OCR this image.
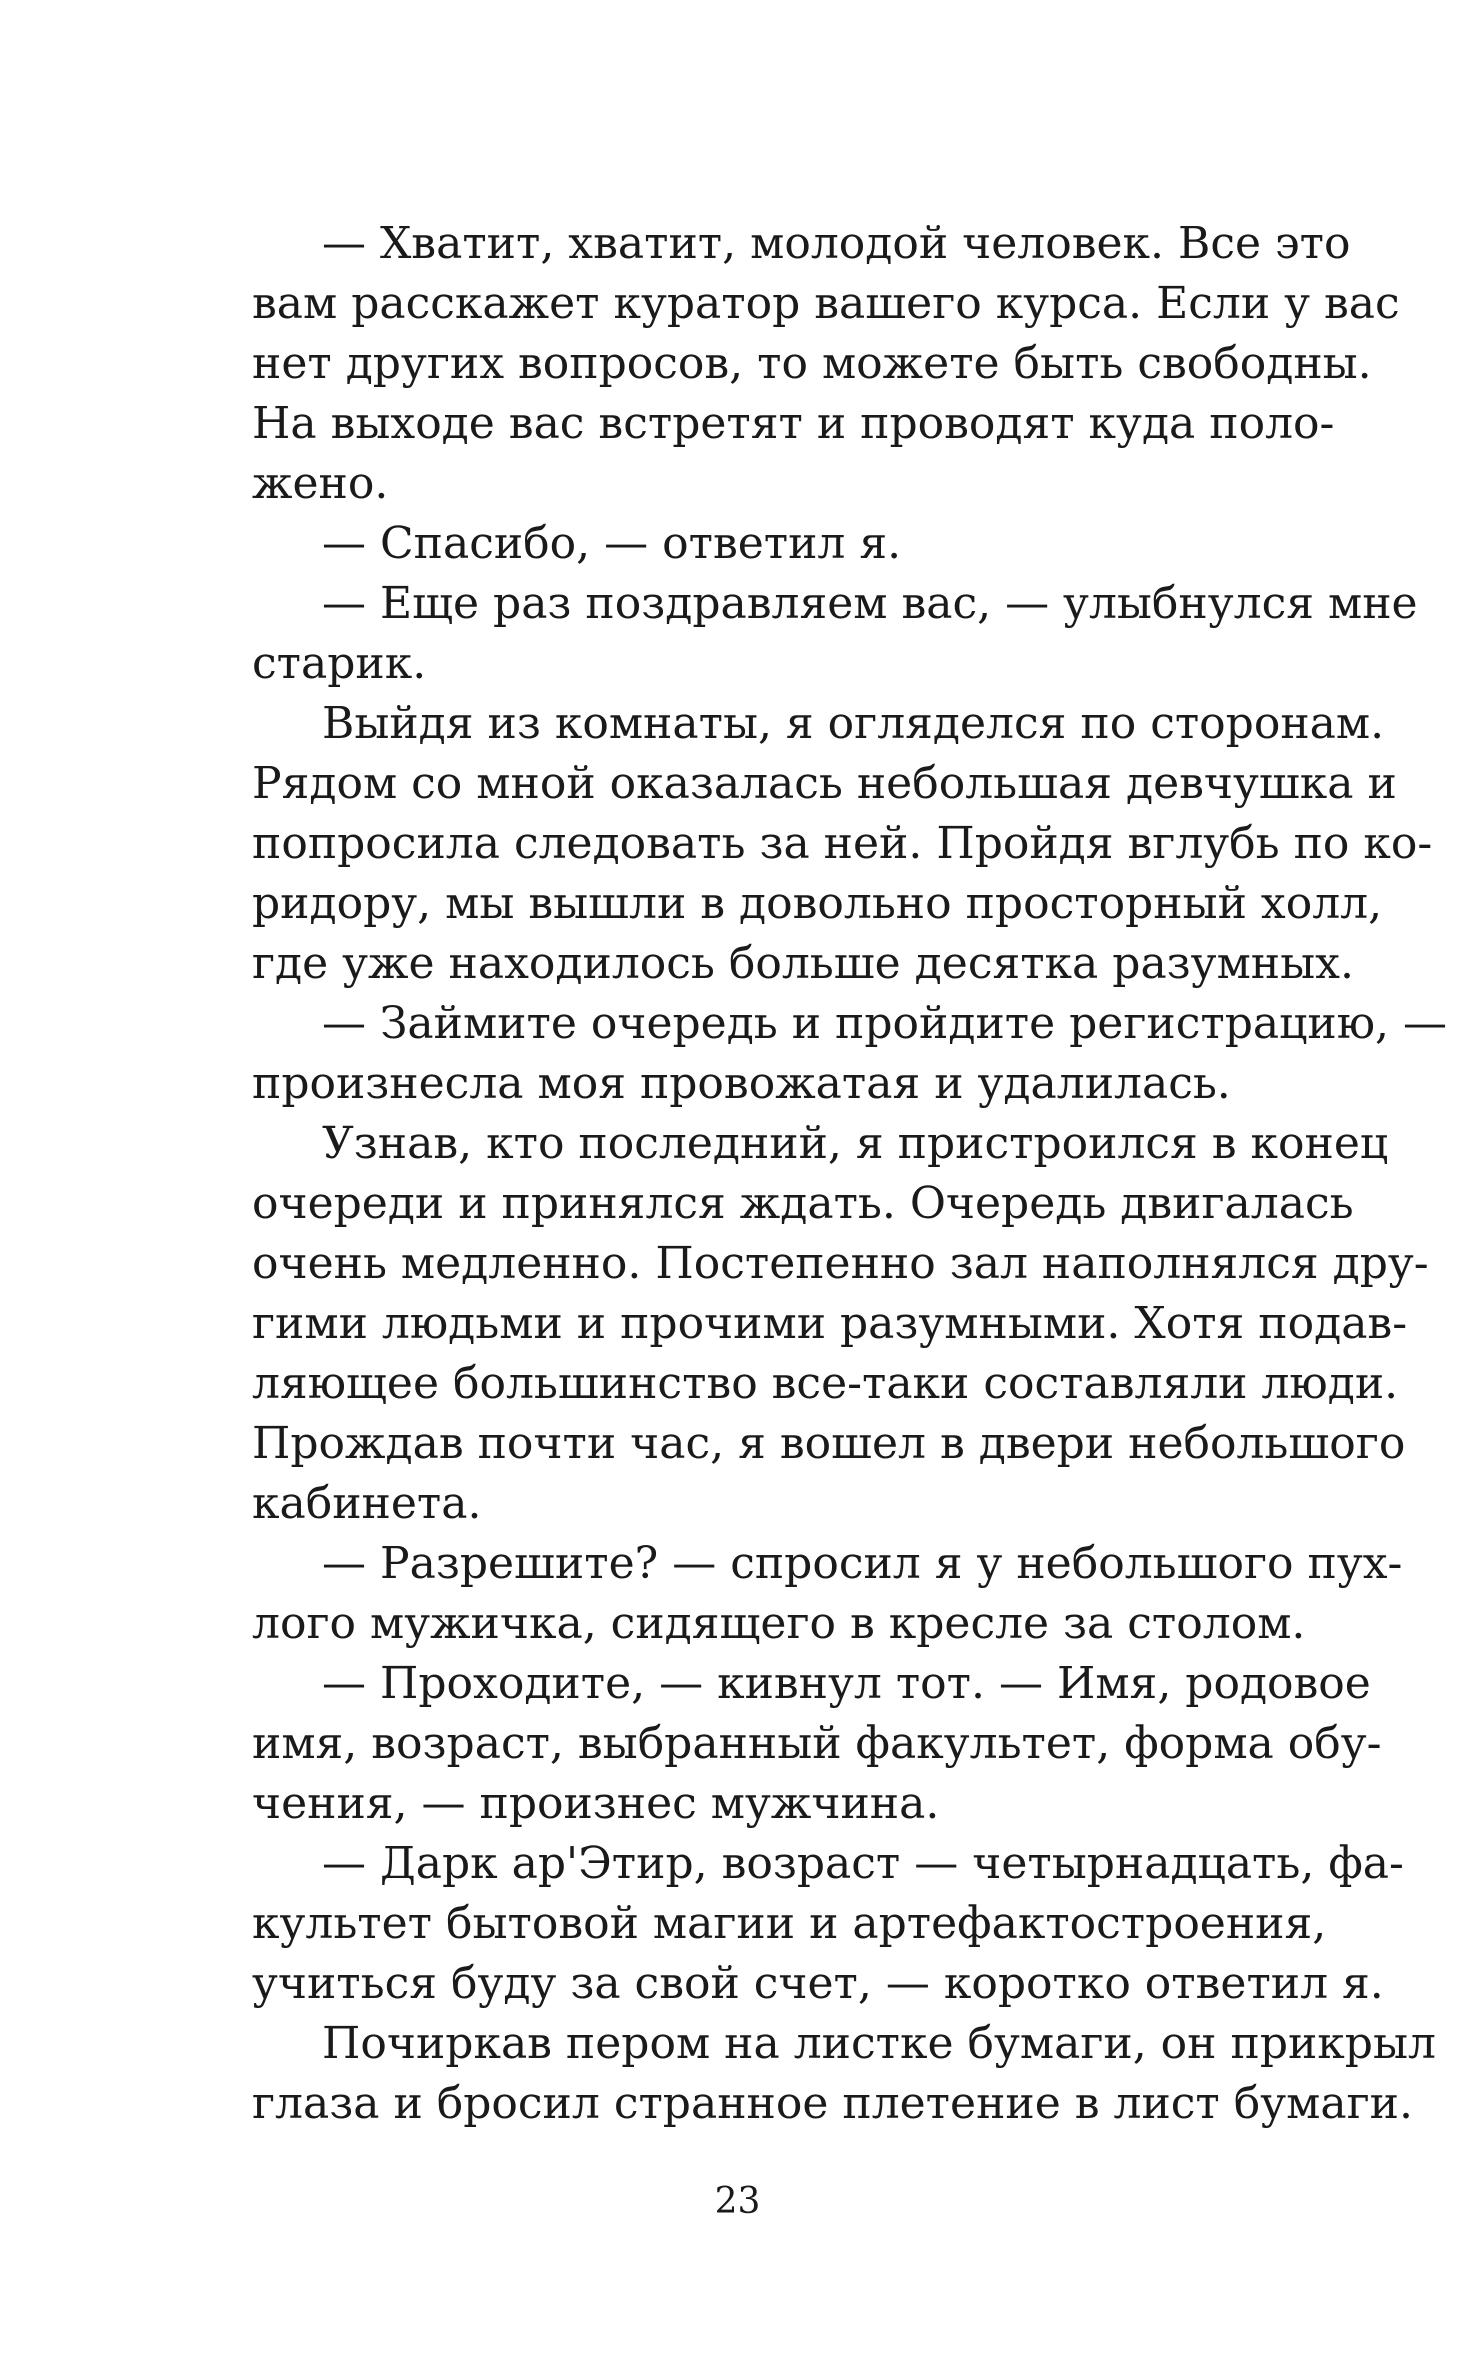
— Хватит, хватит, молодой человек. Все это
вам расскажет куратор вашего курса. Если у вас
нет других вопросов, то можете быть свободны.
На выходе вас встретят и проводят куда поло-
жено.
— Спасибо, — ответил я.
— Еще раз поздравляем вас, — улыбнулся мне
старик.
Выйдя из комнаты, я огляделся по сторонам.
Рядом со мной оказалась небольшая девчушка и
попросила следовать за ней. Пройдя вглубь по ко-
ридору, мы вышли в довольно просторный холл,
где уже находилось больше десятка разумных.
— Займите очередь и пройдите регистрацию, —
произнесла моя провожатая и удалилась.
Узнав, кто последний, я пристроился в конец
очереди и принялся ждать. Очередь двигалась
очень медленно. Постепенно зал наполнялся дру-
гими людьми и прочими разумными. Хотя подав-
ляющее большинство все-таки составляли люди.
Прождав почти час, я вошел в двери небольшого
кабинета.
— Разрешите? — спросил я у небольшого пух-
лого мужичка, сидящего в кресле за столом.
— Проходите, — кивнул тот. — Имя, родовое
имя, возраст, выбранный факультет, форма обу-
чения, — произнес мужчина.
— Дарк ар'Этир, возраст — четырнадцать, фа-
культет бытовой магии и артефактостроения,
учиться буду за свой счет, — коротко ответил я.
Почиркав пером на листке бумаги, он прикрыл
глаза и бросил странное плетение в лист бумаги.
23
